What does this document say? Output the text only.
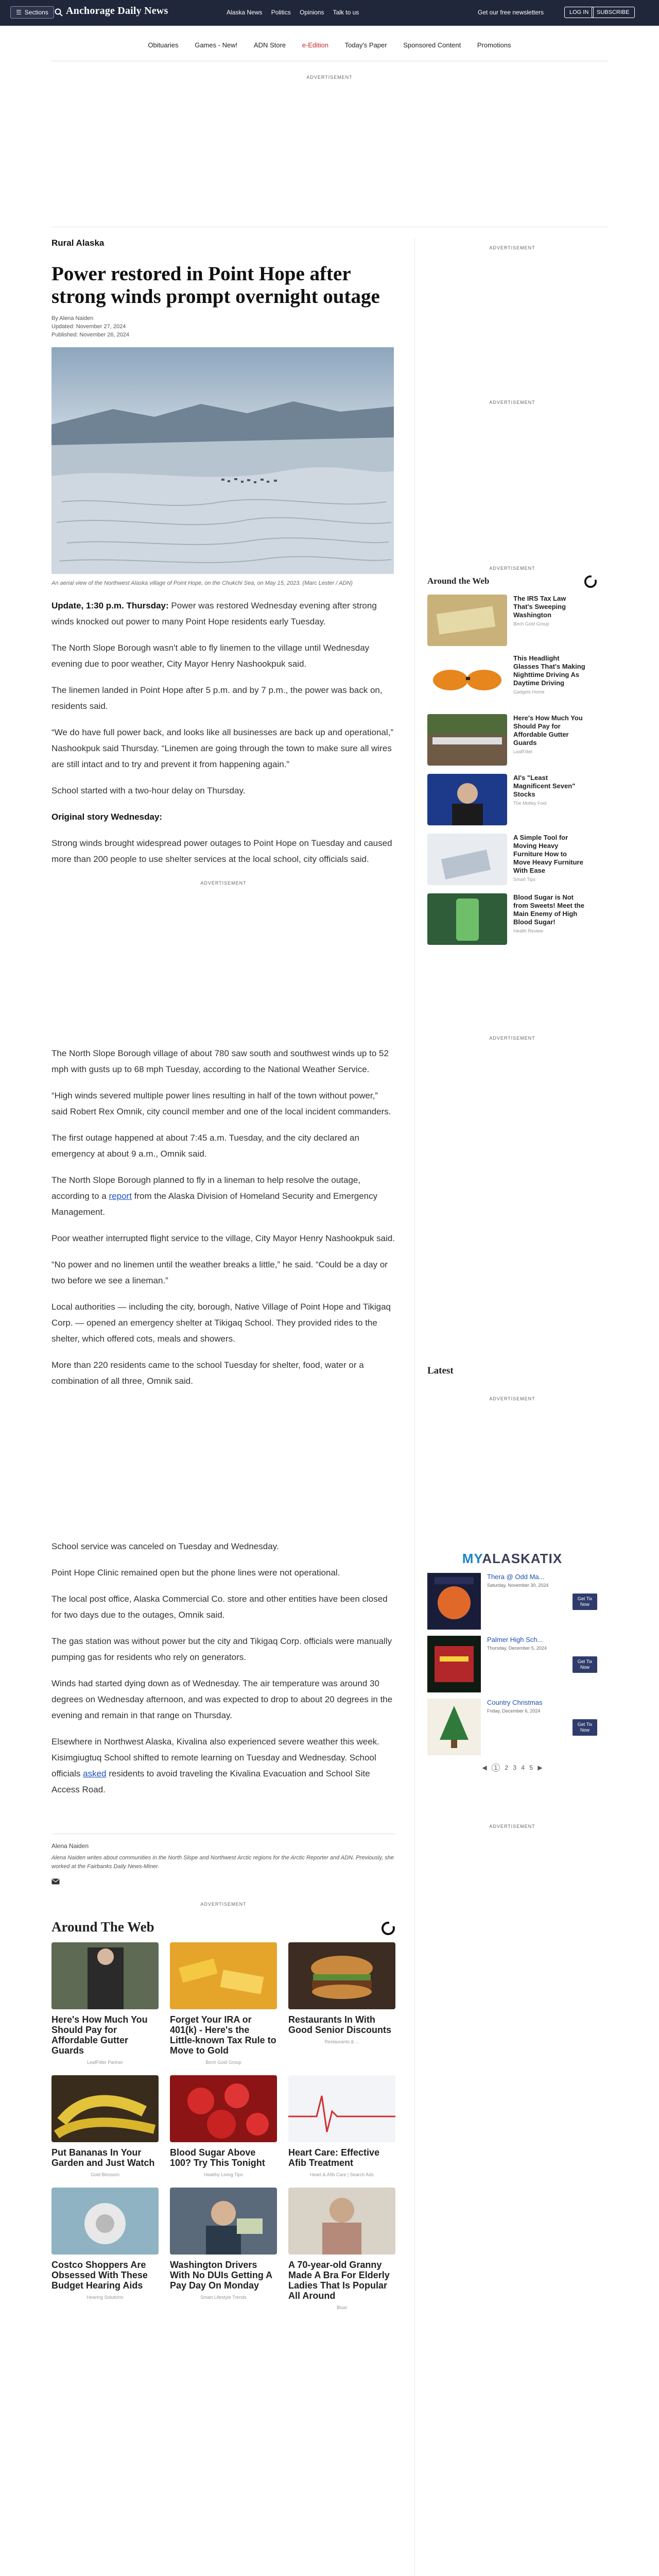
☰ Sections	Anchorage Daily News	Alaska News Politics Opinions Talk to us	Get our free newsletters	LOG IN	SUBSCRIBE
Obituaries Games - New! ADN Store e-Edition Today's Paper Sponsored Content Promotions
ADVERTISEMENT
Rural Alaska
Power restored in Point Hope after strong winds prompt overnight outage
By Alena Naiden
Updated: November 27, 2024
Published: November 26, 2024
An aerial view of the Northwest Alaska village of Point Hope, on the Chukchi Sea, on May 15, 2023. (Marc Lester / ADN)

Update, 1:30 p.m. Thursday: Power was restored Wednesday evening after strong winds knocked out power to many Point Hope residents early Tuesday.

The North Slope Borough wasn't able to fly linemen to the village until Wednesday evening due to poor weather, City Mayor Henry Nashookpuk said.

The linemen landed in Point Hope after 5 p.m. and by 7 p.m., the power was back on, residents said.

“We do have full power back, and looks like all businesses are back up and operational,” Nashookpuk said Thursday. “Linemen are going through the town to make sure all wires are still intact and to try and prevent it from happening again.”

School started with a two-hour delay on Thursday.

Original story Wednesday:

Strong winds brought widespread power outages to Point Hope on Tuesday and caused more than 200 people to use shelter services at the local school, city officials said.

ADVERTISEMENT

The North Slope Borough village of about 780 saw south and southwest winds up to 52 mph with gusts up to 68 mph Tuesday, according to the National Weather Service.

“High winds severed multiple power lines resulting in half of the town without power,” said Robert Rex Omnik, city council member and one of the local incident commanders.

The first outage happened at about 7:45 a.m. Tuesday, and the city declared an emergency at about 9 a.m., Omnik said.

The North Slope Borough planned to fly in a lineman to help resolve the outage, according to a report from the Alaska Division of Homeland Security and Emergency Management.

Poor weather interrupted flight service to the village, City Mayor Henry Nashookpuk said.

“No power and no linemen until the weather breaks a little,” he said. “Could be a day or two before we see a lineman.”

Local authorities — including the city, borough, Native Village of Point Hope and Tikigaq Corp. — opened an emergency shelter at Tikigaq School. They provided rides to the shelter, which offered cots, meals and showers.

More than 220 residents came to the school Tuesday for shelter, food, water or a combination of all three, Omnik said.

School service was canceled on Tuesday and Wednesday.

Point Hope Clinic remained open but the phone lines were not operational.

The local post office, Alaska Commercial Co. store and other entities have been closed for two days due to the outages, Omnik said.

The gas station was without power but the city and Tikigaq Corp. officials were manually pumping gas for residents who rely on generators.

Winds had started dying down as of Wednesday. The air temperature was around 30 degrees on Wednesday afternoon, and was expected to drop to about 20 degrees in the evening and remain in that range on Thursday.

Elsewhere in Northwest Alaska, Kivalina also experienced severe weather this week. Kisimgiugtuq School shifted to remote learning on Tuesday and Wednesday. School officials asked residents to avoid traveling the Kivalina Evacuation and School Site Access Road.

Alena Naiden
Alena Naiden writes about communities in the North Slope and Northwest Arctic regions for the Arctic Reporter and ADN. Previously, she worked at the Fairbanks Daily News-Miner.
ADVERTISEMENT
Around The Web
Here's How Much You Should Pay for Affordable Gutter Guards
LeafFilter Partner
Forget Your IRA or 401(k) - Here's the Little-known Tax Rule to Move to Gold
Birch Gold Group
Restaurants In With Good Senior Discounts
Restaurants & ...
Put Bananas In Your Garden and Just Watch
Gold Blossom
Blood Sugar Above 100? Try This Tonight
Healthy Living Tips
Heart Care: Effective Afib Treatment
Heart & Afib Care | Search Ads
Costco Shoppers Are Obsessed With These Budget Hearing Aids
Hearing Solutions
Washington Drivers With No DUIs Getting A Pay Day On Monday
Smart Lifestyle Trends
A 70-year-old Granny Made A Bra For Elderly Ladies That Is Popular All Around
Bluei
ADVERTISEMENT
ADVERTISEMENT
ADVERTISEMENT
Around the Web
The IRS Tax Law That's Sweeping Washington
Birch Gold Group
This Headlight Glasses That's Making Nighttime Driving As Daytime Driving
Gadgets Home
Here's How Much You Should Pay for Affordable Gutter Guards
LeafFilter
AI's "Least Magnificent Seven" Stocks
The Motley Fool
A Simple Tool for Moving Heavy Furniture How to Move Heavy Furniture With Ease
Smart Tips
Blood Sugar is Not from Sweets! Meet the Main Enemy of High Blood Sugar!
Health Review
ADVERTISEMENT
Latest
ADVERTISEMENT
MYALASKATIX
Thera @ Odd Ma...
Saturday, November 30, 2024
Get Tix Now
Palmer High Sch...
Thursday, December 5, 2024
Get Tix Now
Country Christmas
Friday, December 6, 2024
Get Tix Now
◀ 1 2 3 4 5 ▶
ADVERTISEMENT
